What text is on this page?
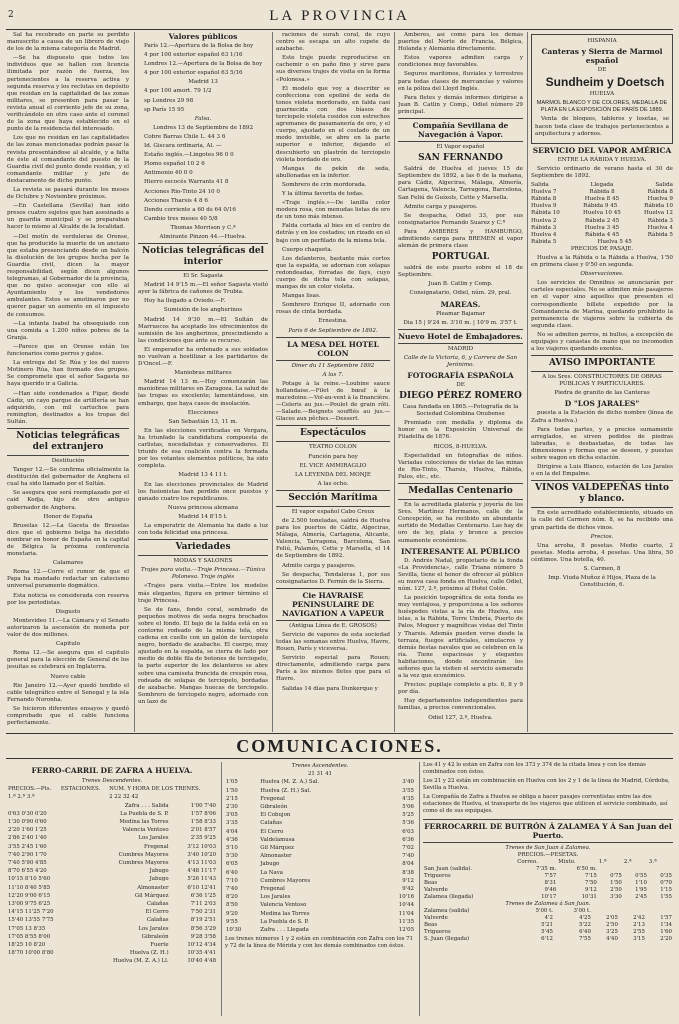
2	LA PROVINCIA

Sal ha recobrado en parte su perdido manuscrito a causa de un librero de viejo de los de la misma categoría de Madrid.

—Se ha dispuesto que todos los individuos que se hallen con licencia ilimitada por razón de fuerza, los pertenecientes a la reserva activa y segunda reserva y los reclutas en depósito que residan en la capitalidad de las zonas militares, se presenten para pasar la revista anual el corriente jefe de su zona, verificándolo en otro caso ante el coronel de la zona que haya establecido en el punto de la residencia del interesado.

Los que no residan en las capitalidades de las zonas mencionadas podrán pasar la revista presentándose al alcalde, y a falta de éste al comandante del puesto de la Guardia civil del punto donde residan, y el comandante militar y jefe de destacamento de dicho punto.

La revista se pasará durante los meses de Octubre y Noviembre próximos.

—En Castellana (Sevilla) han sido presos cuatro sujetos que han asesinado a un guardia municipal y se preparaban hacer lo mismo al Alcalde de la localidad.

—Del motín de verduleras de Orense, que ha producido la muerte de un anciano que estaba presenciando desde un balcón la disolución de los grupos hecha por la Guardia civil, dicen la mayor responsabilidad, según dicen algunos telegramas, al Gobernador de la provincia, que no quiso aconsejar con ello al Ayuntamiento y los vendedores ambulantes. Estos se amotinaron por no querer pagar un aumento en el impuesto de consumos.

—La infanta Isabel ha obsequiado con una comida a 1.200 niños pobres de la Granja.

—Parece que en Orense están los funcionarios como perros y gatos.

La entrega del Sr. Rúa y los del nuevo Motinero Rúa, han formado dos grupos. Se compromete que el señor Sagasta no haya querido ir a Galicia.

—Han sido condenados a Figar, desde Cádiz, un cayo parque de artillería se han adquirido, con mil cartuchos para remington, destinados a los tropas del Sultán.

Noticias telegráficas del extranjero

Destitución

Tanger 12.—Se confirma oficialmente la destitución del gobernador de Anghera el cual ha sido llamado por el Sultán.

Se asegura que será reemplazado por el caid Kedja, hijo de otro antiguo gobernador de Anghera.

Honor de España

Bruselas 12.—La Gaceta de Bruselas dice que el gobierno belga ha decidido nombrar en honor de España en la capital de Bélgica la próxima conferencia monetaria.

Calamares

Roma 12.—Corre el rumor de que el Papa ha mandado redactar un catecismo universal puramente dogmático.

Esta noticia es considerada con reserva por los periodistas.

Disgusto

Montevideo 11.—La Cámara y el Senado autorizaron la ascensión de moneda por valor de dos millones.

Capitulo

Roma 12.—Se asegura que el capitulo general para la elección de General de los jesuitas se celebrará en Inglaterra.

Nuevo cable

Rio Janeiro 12.—Ayer quedó tendido el cable telegráfico entre el Senegal y la isla Fernando Noronha.

Se hicieron diferentes ensayos y quedó comprobado que el cable funciona perfectamente.

Valores públicos

París 12.—Apertura de la Bolsa de hoy

4 por 100 exterior español 63 1/16

Londres 12.—Apertura de la Bolsa de hoy

4 por 100 exterior español 63 5/16

Madrid 13

4 por 100 amort. 79 1/2

sp Londres 29 98

sp París 15 95

Falsa.

Londres 13 de Septiembre de 1892

Cobre Barras Chile L. 44 3 6

Id. Giscara ordinaria, Al. —

Estaño inglés.—Lingotes 96 0 0

Plomo español 10 2 6

Antimonio 40 0 0

Hierro escocés Warrants 41 8

Acciones Rio-Tinto 24 10 0

Acciones Tharsis 4 8 6

Dendu corriente a 60 ds 64 0/16

Cambio tres meses 40 5/8

Thomas Morrison y C.ª

Almirante Pinzon 44.—Huelva.

Noticias telegráficas del interior

El Sr. Sagasta

Madrid 14 9'15 m.—El señor Sagasta visitó ayer la fábrica de cañones de Trubia.

Hoy ha llegado a Oviedo.—F.

Sumisión de los angherinos

Madrid 14 9'30 m.—El Sultán de Marruecos ha aceptado los ofrecimientos de sumisión de los angherinos, prescindiendo a las condiciones que ante su recurso.

El emperador ha ordenado a sus soldados no vuelvan a hostilizar a los partidarios de D'Oncel.—F.

Maniobras militares

Madrid 14 13 m.—Hoy comenzarán las maniobras militares en Zaragoza. La salud de las tropas es excelente; lamentándose, sin embargo, que haya casos de insolación.

Elecciones

San Sebastián 13, 11 m.

En las elecciones verificadas en Vergara, ha triunfado la candidatura compuesta de carlistas, nocedalistas y conservadores. El triunfo de esa coalición contra la formada por los votantes elementos políticos, ha sido completa.

Madrid 13 4 11 t.

En las elecciones provinciales de Madrid los fusionistas han perdido once puestos y ganado cuatro los republicanos.

Nueva princesa alemana

Madrid 14 8'15 t.

La emperatriz de Alemania ha dado a luz con toda felicidad una princesa.

Variedades

MODAS Y SALONES

Trajes para visita.—Traje Princesa.—Túnica Polonesa. Traje inglés

«Trajes para visita.—Entre los modelos más elegantes, figura en primer término el traje Princesa.

Se de fans, fondo coral, sembrado de pequeños motivos de seda negra brochados sobre el fondo. El bajo de la falda está en su contorno rodeado de la misma tela, otra cadena en cuello con un galón de terciopelo negro, bordado de azabache. El cuerpo, muy ajustado en la espalda, se cierra de lado por medio de doble fila de botones de terciopelo, la parte superior de los delanteros se abre sobre una camiseta fruncida de crespón rosa, rodeada de solapas de terciopelo, bordadas de azabache. Mangas huecas de terciopelo. Sombrero de terciopelo negro, adornado con un lazo de

raciones de surah coral, de cuyo centro se escapa un alto copete de azabache.

Este traje puede reproducirse en cachemir o en paño fino y sirve para sus diversos trajes de visita en la forma «Polonesa.»

El modelo que voy a describir se confecciona con epoliné de seda de tonos violeta mordorado, en falda casi guarnecida con dos bíasos de terciopelo violeta cosidos con estrechos agremanes de pasamanería de oro, y el cuerpo, ajustado en el costado de un modo invisible, se abre en la parte superior e inferior, dejando el descubierto un plastrón de terciopelo violeta bordado de oro.

Mangas de pekín de seda, abullonadas en la inferior.

Sombrero de crin mordorada.

Y la última favorita de todas.

«Traje inglés.»—De lanilla color modera rosa, con menudas listas de oro de un tono más intenso.

Falda cortada al bies en el centro de detrás y en los costados; un rizado en el bajo con un perfilado de la misma tela.

Cuerpo chaqueta.

Los delanteros, bastante más cortos que la espalda, se adornan con solapas redondeadas, forradas de fays, cuyo cuerpo de dicha tela con solapas, mangas de un color violeta.

Mangas lisas.

Sombrero Enrique II, adornado con rosas de cinta bordada.

Ernestina.

Paris 6 de Septiembre de 1892.

LA MESA DEL HOTEL COLON

Diner du 11 Septembre 1892

A las 7.

Potage à la reine.—Loubine sauce hollandaise.—Filet de bœuf à la macedoine.—Vol-au-vent à la financière.—Celeris au jus.—Poulet de grain rôti.—Salade.—Beignets soufflés au jus.—Glaces aux pêches.—Dessert.

Espectáculos

TEATRO COLON

Función para hoy

EL VICE AMMIRAGLIO

LA LEYENDA DEL MONJE

A las ocho.

Sección Marítima

El vapor español Cabo Creux

de 2.500 toneladas, saldrá de Huelva para los puertos de Cádiz, Algeciras, Málaga, Almería, Cartagena, Alicante, Valencia, Tarragona, Barcelona, San Feliú, Palamós, Cette y Marsella, el 14 de Septiembre de 1892.

Admite carga y pasajeros.

Se despacha, Tendaleras 1, por sus consignatarios D. Fermín de la Sierra.

Cie HAVRAISE PENINSULAIRE DE NAVIGATION A VAPEUR

(Antigua Línea de E. GROSOS)

Servicio de vapores de esta sociedad todas las semanas entre Huelva, Havre, Rouen, París y viceversa.

Servicio especial para Rouen; directamente, admitiendo carga para París a los mismos fletes que para el Havre.

Salidas 14 días para Dunkerque y

Amberes, así como para los demás puertos del Norte de Francia, Bélgica, Holanda y Alemania directamente.

Estos vapores admiten carga y condiciones muy favorables.

Seguros marítimos, fluviales y terrestres para todas clases de mercancías y valores en la póliza del Lloyd Inglés.

Para fletes y demás informes dirigirse a Juan B. Catlin y Comp., Odiel número 29 principal.

Compañía Sevillana de Navegación á Vapor.

El Vapor español

SAN FERNANDO

Saldrá de Huelva el jueves 15 de Septiembre de 1892, a las 6 de la mañana, para Cádiz, Algeciras, Málaga, Almería, Cartagena, Valencia, Tarragona, Barcelona, San Feliú de Guíxols, Cette y Marsella.

Admite carga y pasajeros.

Se despacha, Odiel 33, por sus consignatarios Fernando Suarez y C.ª

Para AMBERES y HAMBURGO, admitiendo carga para BREMEN el vapor alemán de primera clase

PORTUGAL

saldrá de este puerto sobre el 18 de Septiembre.

Juan B. Catlin y Comp.

Consignatario, Odiel, núm. 29, pral.

MAREAS.

Pleamar Bajamar

Dia 15 | 9'24 m. 3'10 m. | 10'9 m. 3'57 t.

Nuevo Hotel de Embajadores.

MADRID

Calle de la Victoria, 6, y Carrera de San Jerónimo.

FOTOGRAFÍA ESPAÑOLA

DE

DIEGO PÉREZ ROMERO

Casa fundada en 1865.—Fotografía de la Sociedad Colombina Onubense

Premiado con medalla y diploma de honor en la Exposición Universal de Filadelfia de 1876.

RICOS, 8-HUELVA.

Especialidad en fotografías de niños. Variadas colecciones de vistas de las minas de Rio-Tinto, Tharsis, Huelva, Rábida, Palos, etc., etc.

Medallas Centenario

En la acreditada platería y joyería de los Sres. Martínez Hermanos, calle de la Concepción, se ha recibido un abundante surtido de Medallas Centenario. Las hay de oro de ley, plata y bronce a precios sumamente económicos.

INTERESANTE AL PÚBLICO

D. Andrés Nadal, propietario de la fonda «La Providencia», calle Triana número 5 Sevilla, tiene el honor de ofrecer al público su nueva casa fonda en Huelva, calle Odiel, núm. 127, 2.º, próximo al Hotel Colón.

La posición topográfica de esta fonda es muy ventajosa, y proporciona a los señores huéspedes vistas a la ría de Huelva, sus islas, a la Rábida, Torre Umbría, Puerto de Palos, Moguer y magníficas vistas del Tinto y Tharsis. Además pueden verse desde la terraza, fuegos artificiales, simulacros y demás fiestas navales que se celebren en la ría. Tiene espaciosas y elegantes habitaciones, donde encontrarán los señores que la visiten el servicio esmerado a la vez que económico.

Precios: pupilaje completo a pts. 6, 8 y 9 por día.

Hay departamentos independientes para familias, a precios convencionales.

Odiel 127, 2.º, Huelva.

HISPANIA

Canteras y Sierra de Marmol español

DE

Sundheim y Doetsch

HUELVA

MARMOL BLANCO Y DE COLORES, MEDALLA DE PLATA EN LA EXPOSICIÓN DE PARÍS DE 1889.

Venta de bloques, tableros y losetas, se hacen toda clase de trabajos pertenecientes a arquitectura y adornos.

SERVICIO DEL VAPOR AMÉRICA

ENTRE LA RÁBIDA Y HUELVA.

Servicio ordinario de verano hasta el 30 de Septiembre de 1892.

Salida	Llegada	Salida
Huelva 7	Rábida 8	Rábida 8
Rábida 8	Huelva 8 45	Huelva 9
Huelva 9	Rábida 9 45	Rábida 10
Rábida 10	Huelva 10 45	Huelva 12
Huelva 2	Rábida 2 45	Rábida 3
Rábida 3	Huelva 3 45	Huelva 4
Huelva 4	Rábida 4 45	Rábida 5
Rábida 5	Huelva 5 45

PRECIOS DE PASAJE.

Huelva a la Rábida o la Rábida a Huelva, 1'50 en primera clase y 0'50 en segunda.

Observaciones.

Los servicios de Omnibus se anunciarán por carteles especiales. No se admiten más pasajeros en el vapor sino aquellos que presenten el correspondiente billete expedido por la Comandancia de Marina, quedando prohibido la permanencia de viajeros sobre la cubierta de segunda clase.

No se admiten perros, ni bultos, a excepción de equipajes y canastas de mano que no incomoden a los viajeros quedando exentos.

AVISO IMPORTANTE

A los Sres. CONSTRUCTORES DE OBRAS PÚBLICAS Y PARTICULARES.

Piedra de granito de las Canteras

D "LOS JARALES"

puesta a la Estación de dicho nombre (línea de Zafra a Huelva.)

Para todas partes, y a precios sumamente arreglados, se sirven pedidos de piedras labradas, o desbastadas, de todas las dimensiones y formas que se deseen, y puestas sobre wagon en dicha estación.

Dirigirse a Luis Blanco, estación de Los Jarales o en la del Empalme.

VINOS VALDEPEÑAS tinto y blanco.

En este acreditado establecimiento, situado en la calle del Carmen núm. 8, se ha recibido una gran partida de dichos vinos.

Precios.

Una arroba, 8 pesetas. Medio cuarto, 2 pesetas. Media arroba, 4 pesetas. Una libra, 50 céntimos. Una botella, 40.

S. Carmen, 8

Imp. Viuda Muñoz é Hijos, Plaza de la Constitución, 6.

COMUNICACIONES.
FERRO-CARRIL DE ZAFRA A HUELVA.
Trenes Descendentes.
PRECIOS.—Pts.	ESTACIONES.	NUM. Y HORA DE LOS TRENES.
1.ª 2.ª 3.ª		2 22 32 42
	Zafra . . . Salida	1'00 7'40
0'63 0'30 0'20	La Puebla de S. P.	1'57 8'06
1'30 0'90 0'60	Medina las Torres	1'58 8'33
2'20 1'60 1'25	Valencia Ventoso	2'01 8'57
2'86 2'40 1'40	Los Jarales	2'35 9'25
3'55 2'45 1'60	Fregenal	3'12 10'03
7'40 2'90 1'70	Cumbres Mayores	3'40 10'20
7'40 5'90 4'85	Cumbres Mayores	4'13 11'03
8'70 6'55 4'20	Jabugo	4'48 11'17
10'15 8'10 5'60	Jabugo	5'26 11'43
11'10 8'40 5'85	Almonaster	6'10 12'41
12'20 9'00 6'15	Gil Márquez	6'36 1'25
13'00 9'75 6'25	Calañas	7'11 2'03
14'15 11'25 7'20	El Cerro	7'50 2'31
15'40 13'55 7'75	Calañas	8'19 2'51
17'05 13 8'35	Los Jarales	8'56 3'29
17'05 8'55 8'00	Gibraleón	9'28 3'58
18'25 10 8'20	Fuerte	10'12 4'34
18'70 10'00 8'80	Huelva (Z. H.)	10'35 4'41
	Huelva (M. Z. A.) Ll.	10'40 4'48
Trenes Ascendentes.
21 31 41
1'05	Huelva (M. Z. A.) Sal.	3'40
1'50	Huelva (Z. H.) Sal.	3'55
2'15	Fregenal	4'35
2'30	Gibraleón	5'06
3'05	El Cobujon	5'25
3'35	Calañas	5'36
4'04	El Cerro	6'03
4'36	Valdelamusa	6'36
5'10	Gil Márquez	7'02
5'30	Almonaster	7'40
6'05	Jabugo	8'04
6'40	La Nava	8'38
7'10	Cumbres Mayores	9'12
7'40	Fregenal	9'42
8'20	Los Jarales	10'16
8'50	Valencia Ventoso	10'44
9'20	Medina las Torres	11'04
9'55	La Puebla de S. P.	11'35
10'30	Zafra . . . Llegada	12'05

Los trenes números 1 y 2 están en combinación con Zafra con los 71 y 72 de la línea de Mérida y con los demás combinados con éstos.

Los 41 y 42 lo están en Zafra con los 373 y 374 de la citada línea y con los demás combinados con éstos.

Los 21 y 22 están en combinación en Huelva con los 2 y 1 de la línea de Madrid, Córdoba, Sevilla a Huelva.

La Compañía de Zafra a Huelva se obliga a hacer pasajes correntistas entre las dos estaciones de Huelva, el transporte de los viajeros que utilicen el servicio combinado, así como el de sus equipajes.

FERROCARRIL DE BUITRÓN Á ZALAMEA Y Á San Juan del Puerto.
Trenes de San Juan á Zalamea.
PRECIOS.—PESETAS.
	Correo.	Mixto.	1.ª	2.ª	3.ª
San Juan (salida).	7'35 m.	6'50 m.			
Trigueros	7'57	7'15	0'75	0'55	0'35
Beas	8'31	7'50	1'50	1'10	0'70
Valverde	9'46	9'12	2'50	1'95	1'15
Zalamea (llegada)	10'17	10'31	3'30	2'45	1'55
Trenes de Zalamea á San Juan.
Zalamea (salida)	5'00 t.	3'00 t.			
Valverde	4'2	4'25	2'05	2'42	1'57
Beas	5'21	5'22	2'50	2'13	1'34
Trigueros	5'45	6'40	3'25	2'55	1'60
S. Juan (llegada)	6'12	7'55	4'40	3'15	2'20
